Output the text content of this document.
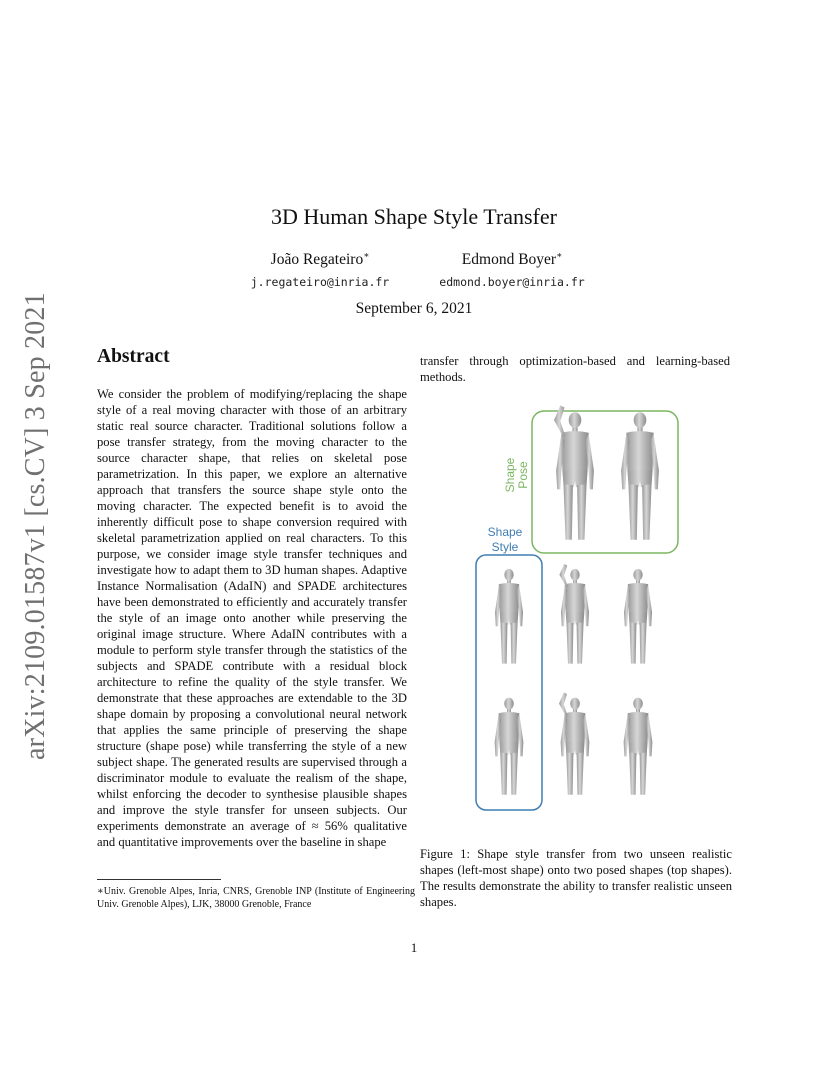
arXiv:2109.01587v1 [cs.CV] 3 Sep 2021
3D Human Shape Style Transfer
João Regateiro∗
j.regateiro@inria.fr
Edmond Boyer∗
edmond.boyer@inria.fr
September 6, 2021
Abstract
We consider the problem of modifying/replacing the shape style of a real moving character with those of an arbitrary static real source character. Traditional solutions follow a pose transfer strategy, from the moving character to the source character shape, that relies on skeletal pose parametrization. In this paper, we explore an alternative approach that transfers the source shape style onto the moving character. The expected benefit is to avoid the inherently difficult pose to shape conversion required with skeletal parametrization applied on real characters. To this purpose, we consider image style transfer techniques and investigate how to adapt them to 3D human shapes. Adaptive Instance Normalisation (AdaIN) and SPADE architectures have been demonstrated to efficiently and accurately transfer the style of an image onto another while preserving the original image structure. Where AdaIN contributes with a module to perform style transfer through the statistics of the subjects and SPADE contribute with a residual block architecture to refine the quality of the style transfer. We demonstrate that these approaches are extendable to the 3D shape domain by proposing a convolutional neural network that applies the same principle of preserving the shape structure (shape pose) while transferring the style of a new subject shape. The generated results are supervised through a discriminator module to evaluate the realism of the shape, whilst enforcing the decoder to synthesise plausible shapes and improve the style transfer for unseen subjects. Our experiments demonstrate an average of ≈ 56% qualitative and quantitative improvements over the baseline in shape
transfer through optimization-based and learning-based methods.
∗Univ. Grenoble Alpes, Inria, CNRS, Grenoble INP (Institute of Engineering Univ. Grenoble Alpes), LJK, 38000 Grenoble, France
Shape Pose
Shape
Style
Figure 1: Shape style transfer from two unseen realistic shapes (left-most shape) onto two posed shapes (top shapes). The results demonstrate the ability to transfer realistic unseen shapes.
1
